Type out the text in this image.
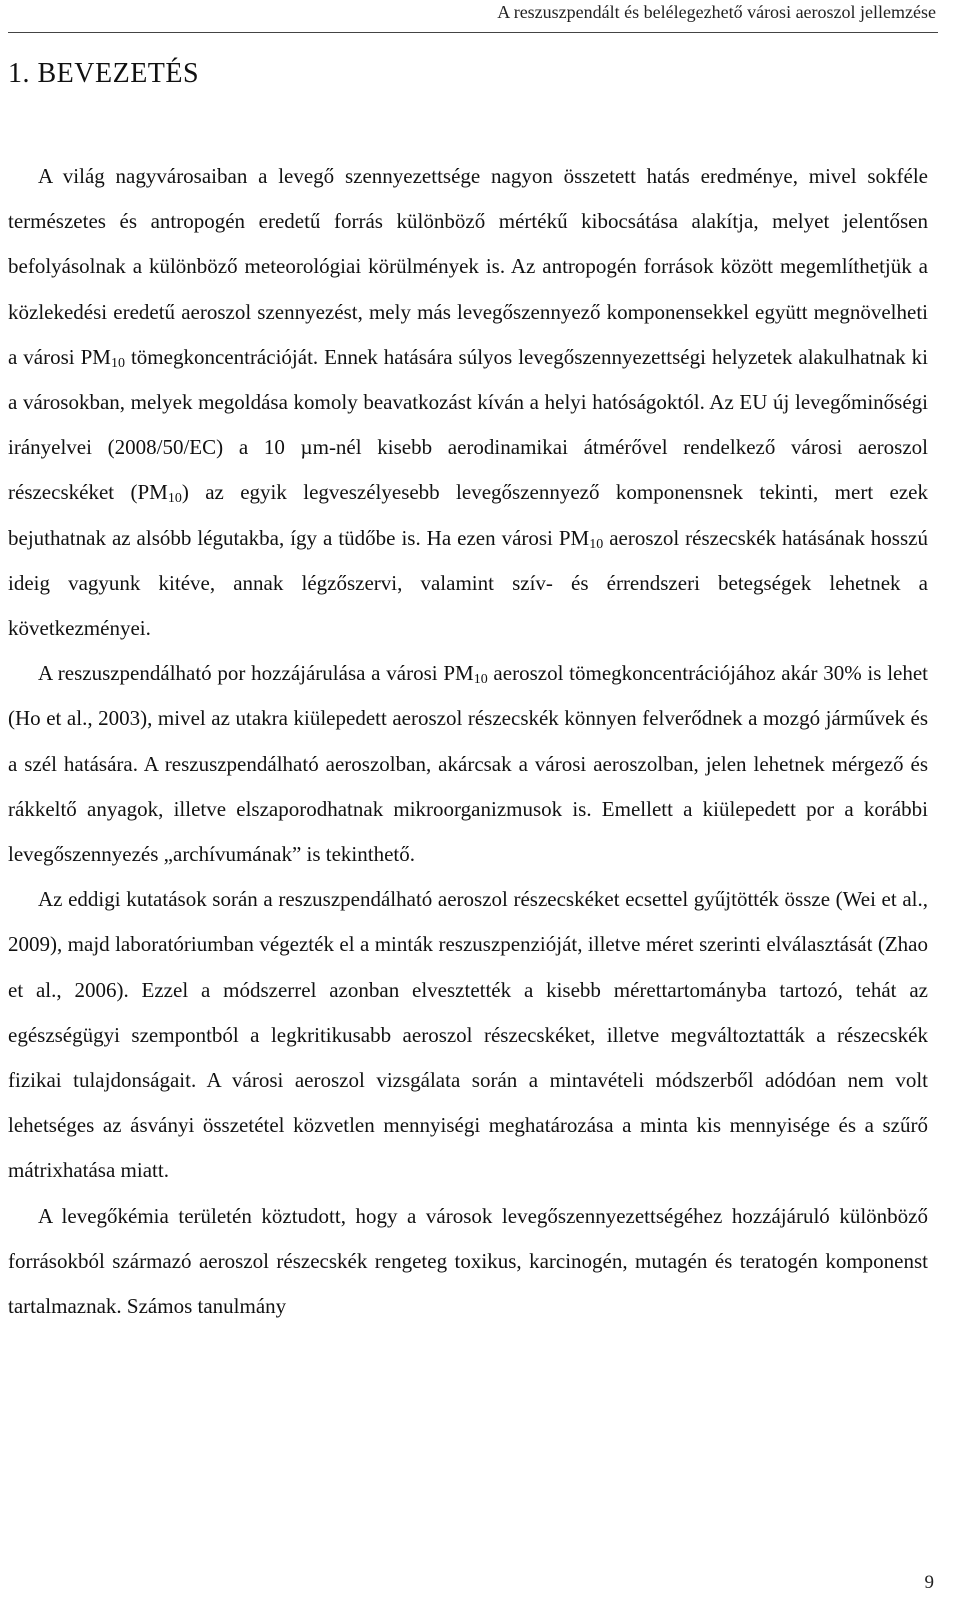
A reszuszpendált és belélegezhető városi aeroszol jellemzése
1. BEVEZETÉS

A világ nagyvárosaiban a levegő szennyezettsége nagyon összetett hatás eredménye, mivel sokféle természetes és antropogén eredetű forrás különböző mértékű kibocsátása alakítja, melyet jelentősen befolyásolnak a különböző meteorológiai körülmények is. Az antropogén források között megemlíthetjük a közlekedési eredetű aeroszol szennyezést, mely más levegőszennyező komponensekkel együtt megnövelheti a városi $PM_{10}$ tömegkoncentrációját. Ennek hatására súlyos levegőszennyezettségi helyzetek alakulhatnak ki a városokban, melyek megoldása komoly beavatkozást kíván a helyi hatóságoktól. Az EU új levegőminőségi irányelvei (2008/50/EC) a 10 µm-nél kisebb aerodinamikai átmérővel rendelkező városi aeroszol részecskéket $(PM_{10})$ az egyik legveszélyesebb levegőszennyező komponensnek tekinti, mert ezek bejuthatnak az alsóbb légutakba, így a tüdőbe is. Ha ezen városi $PM_{10}$ aeroszol részecskék hatásának hosszú ideig vagyunk kitéve, annak légzőszervi, valamint szív- és érrendszeri betegségek lehetnek a következményei.

A reszuszpendálható por hozzájárulása a városi $PM_{10}$ aeroszol tömegkoncentrációjához akár 30% is lehet (Ho et al., 2003), mivel az utakra kiülepedett aeroszol részecskék könnyen felverődnek a mozgó járművek és a szél hatására. A reszuszpendálható aeroszolban, akárcsak a városi aeroszolban, jelen lehetnek mérgező és rákkeltő anyagok, illetve elszaporodhatnak mikroorganizmusok is. Emellett a kiülepedett por a korábbi levegőszennyezés „archívumának” is tekinthető.

Az eddigi kutatások során a reszuszpendálható aeroszol részecskéket ecsettel gyűjtötték össze (Wei et al., 2009), majd laboratóriumban végezték el a minták reszuszpenzióját, illetve méret szerinti elválasztását (Zhao et al., 2006). Ezzel a módszerrel azonban elvesztették a kisebb mérettartományba tartozó, tehát az egészségügyi szempontból a legkritikusabb aeroszol részecskéket, illetve megváltoztatták a részecskék fizikai tulajdonságait. A városi aeroszol vizsgálata során a mintavételi módszerből adódóan nem volt lehetséges az ásványi összetétel közvetlen mennyiségi meghatározása a minta kis mennyisége és a szűrő mátrixhatása miatt.

A levegőkémia területén köztudott, hogy a városok levegőszennyezettségéhez hozzájáruló különböző forrásokból származó aeroszol részecskék rengeteg toxikus, karcinogén, mutagén és teratogén komponenst tartalmaznak. Számos tanulmány

9
